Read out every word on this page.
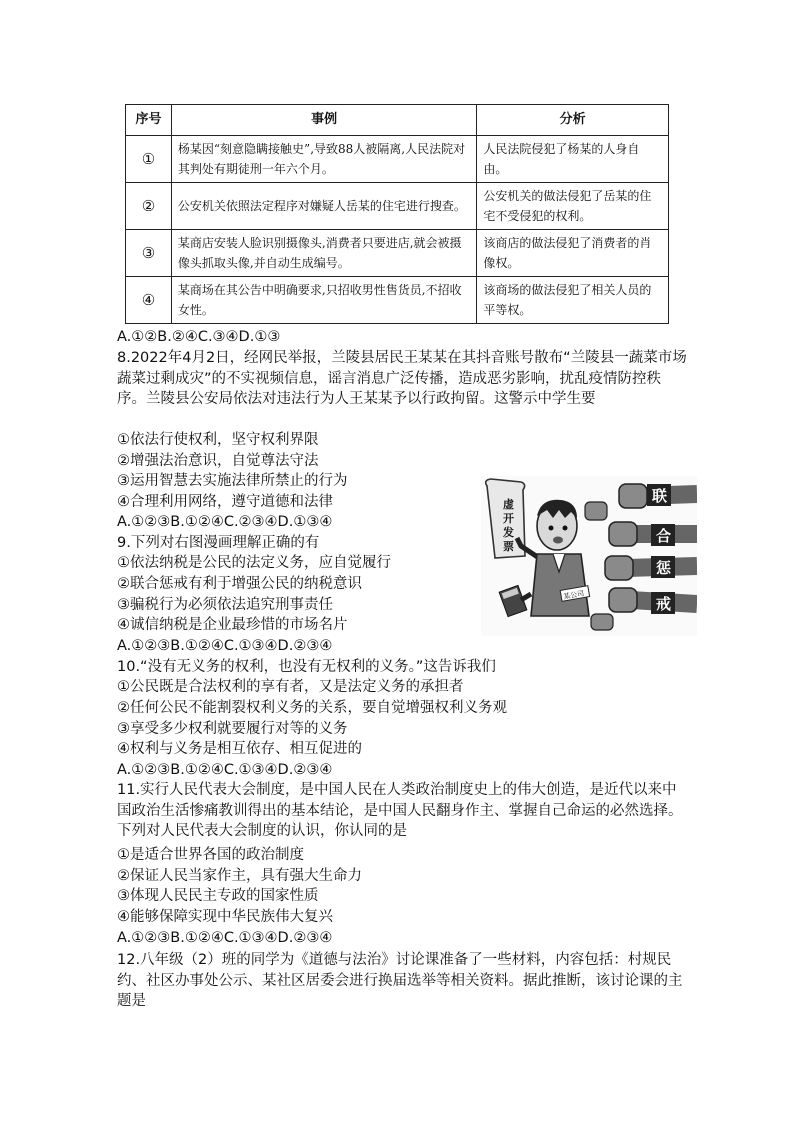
序号	事例	分析
①	杨某因“刻意隐瞒接触史”,导致88人被隔离,人民法院对其判处有期徒刑一年六个月。	人民法院侵犯了杨某的人身自由。
②	公安机关依照法定程序对嫌疑人岳某的住宅进行搜查。	公安机关的做法侵犯了岳某的住宅不受侵犯的权利。
③	某商店安装人脸识别摄像头,消费者只要进店,就会被摄像头抓取头像,并自动生成编号。	该商店的做法侵犯了消费者的肖像权。
④	某商场在其公告中明确要求,只招收男性售货员,不招收女性。	该商场的做法侵犯了相关人员的平等权。
A.①②B.②④C.③④D.①③
8.2022年4月2日，经网民举报，兰陵县居民王某某在其抖音账号散布“兰陵县一蔬菜市场蔬菜过剩成灾”的不实视频信息，谣言消息广泛传播，造成恶劣影响，扰乱疫情防控秩序。兰陵县公安局依法对违法行为人王某某予以行政拘留。这警示中学生要
①依法行使权利，坚守权利界限
②增强法治意识，自觉尊法守法
③运用智慧去实施法律所禁止的行为
④合理利用网络，遵守道德和法律
A.①②③B.①②④C.②③④D.①③④
9.下列对右图漫画理解正确的有
①依法纳税是公民的法定义务，应自觉履行
②联合惩戒有利于增强公民的纳税意识
③骗税行为必须依法追究刑事责任
④诚信纳税是企业最珍惜的市场名片
A.①②③B.①②④C.①③④D.②③④
虚
开
发
票
某公司
联
合
惩
戒
10.“没有无义务的权利，也没有无权利的义务。”这告诉我们
①公民既是合法权利的享有者，又是法定义务的承担者
②任何公民不能割裂权利义务的关系，要自觉增强权利义务观
③享受多少权利就要履行对等的义务
④权利与义务是相互依存、相互促进的
A.①②③B.①②④C.①③④D.②③④
11.实行人民代表大会制度，是中国人民在人类政治制度史上的伟大创造，是近代以来中国政治生活惨痛教训得出的基本结论，是中国人民翻身作主、掌握自己命运的必然选择。下列对人民代表大会制度的认识，你认同的是
①是适合世界各国的政治制度
②保证人民当家作主，具有强大生命力
③体现人民民主专政的国家性质
④能够保障实现中华民族伟大复兴
A.①②③B.①②④C.①③④D.②③④
12.八年级（2）班的同学为《道德与法治》讨论课准备了一些材料，内容包括：村规民约、社区办事处公示、某社区居委会进行换届选举等相关资料。据此推断，该讨论课的主题是
